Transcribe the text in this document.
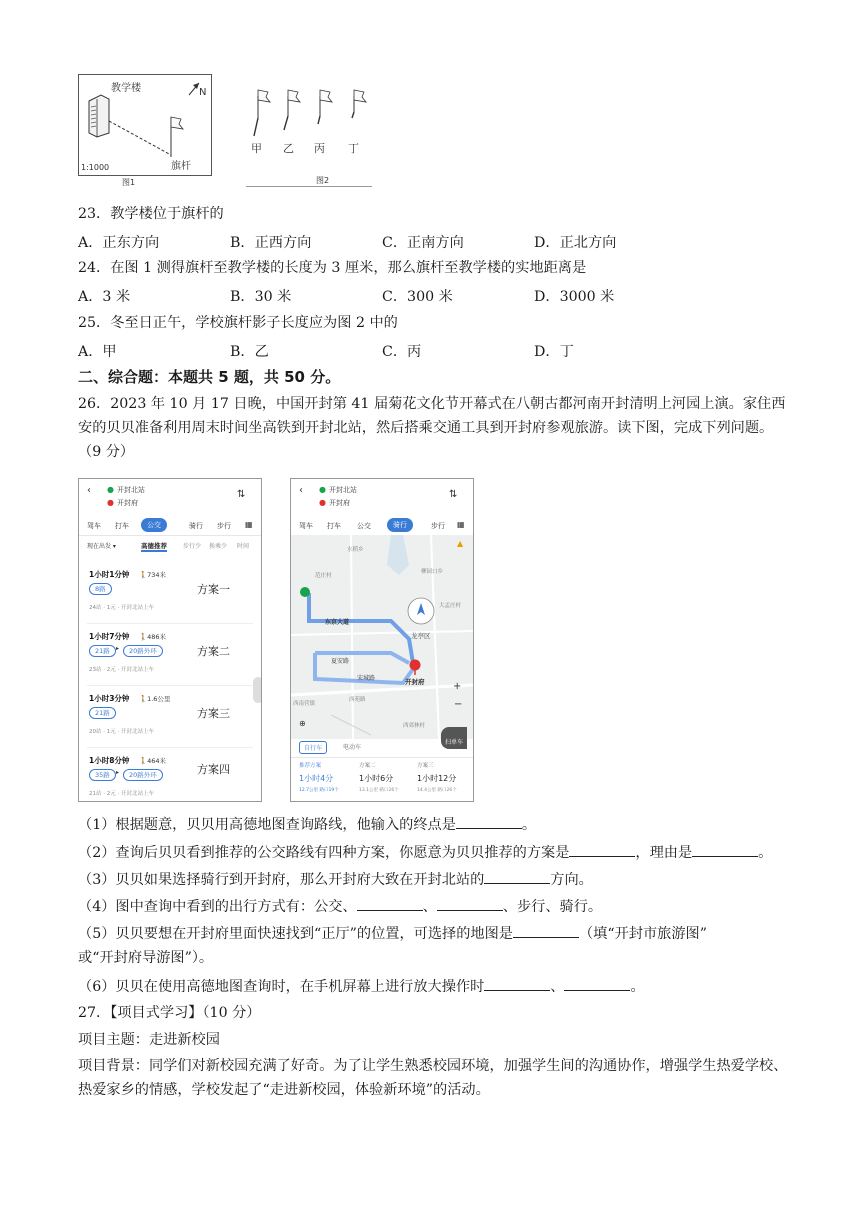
教学楼	N
旗杆
1:1000
图1
甲 乙 丙 丁
图2
23．教学楼位于旗杆的
A．正东方向	B．正西方向	C．正南方向	D．正北方向
24．在图 1 测得旗杆至教学楼的长度为 3 厘米，那么旗杆至教学楼的实地距离是
A．3 米	B．30 米	C．300 米	D．3000 米
25．冬至日正午，学校旗杆影子长度应为图 2 中的
A．甲	B．乙	C．丙	D．丁
二、综合题：本题共 5 题，共 50 分。
26．2023 年 10 月 17 日晚，中国开封第 41 届菊花文化节开幕式在八朝古都河南开封清明上河园上演。家住西安的贝贝准备利用周末时间坐高铁到开封北站，然后搭乘交通工具到开封府参观旅游。读下图，完成下列问题。（9 分）
‹ ● 开封北站
● 开封府
⇅
驾车 打车	公交	骑行 步行 ▦
现在出发 ▾	高德推荐	步行少 换乘少 时间
1小时1分钟 🚶734米
8路
24站 · 1元 · 开封北站上车
方案一
1小时7分钟 🚶486米
21路	▸	20路外环
23站 · 2元 · 开封北站上车
方案二
1小时3分钟 🚶1.6公里
21路
20站 · 1元 · 开封北站上车
方案三
1小时8分钟 🚶464米
35路	▸	20路外环
21站 · 2元 · 开封北站上车
方案四
‹ ● 开封北站
● 开封府
⇅
驾车 打车 公交	骑行	步行 ▦
水稻乡
柳园口乡
范庄村
大孟庄村
东京大道
龙亭区
夏安路
宋城路
西南营镇
开封府
西郊林村
西苑路
+
−
▲
⊕
自行车	电动车
扫单车
推荐方案
1小时4分
12.7公里 路口19个
方案二
1小时6分
13.1公里 路口26个
方案三
1小时12分
14.4公里 路口26个
（1）根据题意，贝贝用高德地图查询路线，他输入的终点是	。
（2）查询后贝贝看到推荐的公交路线有四种方案，你愿意为贝贝推荐的方案是	，理由是	。
（3）贝贝如果选择骑行到开封府，那么开封府大致在开封北站的	方向。
（4）图中查询中看到的出行方式有：公交、	、	、步行、骑行。
（5）贝贝要想在开封府里面快速找到“正厅”的位置，可选择的地图是	（填“开封市旅游图”
或“开封府导游图”）。
（6）贝贝在使用高德地图查询时，在手机屏幕上进行放大操作时	、	。
27．【项目式学习】（10 分）
项目主题：走进新校园
项目背景：同学们对新校园充满了好奇。为了让学生熟悉校园环境，加强学生间的沟通协作，增强学生热爱学校、热爱家乡的情感，学校发起了“走进新校园，体验新环境”的活动。
